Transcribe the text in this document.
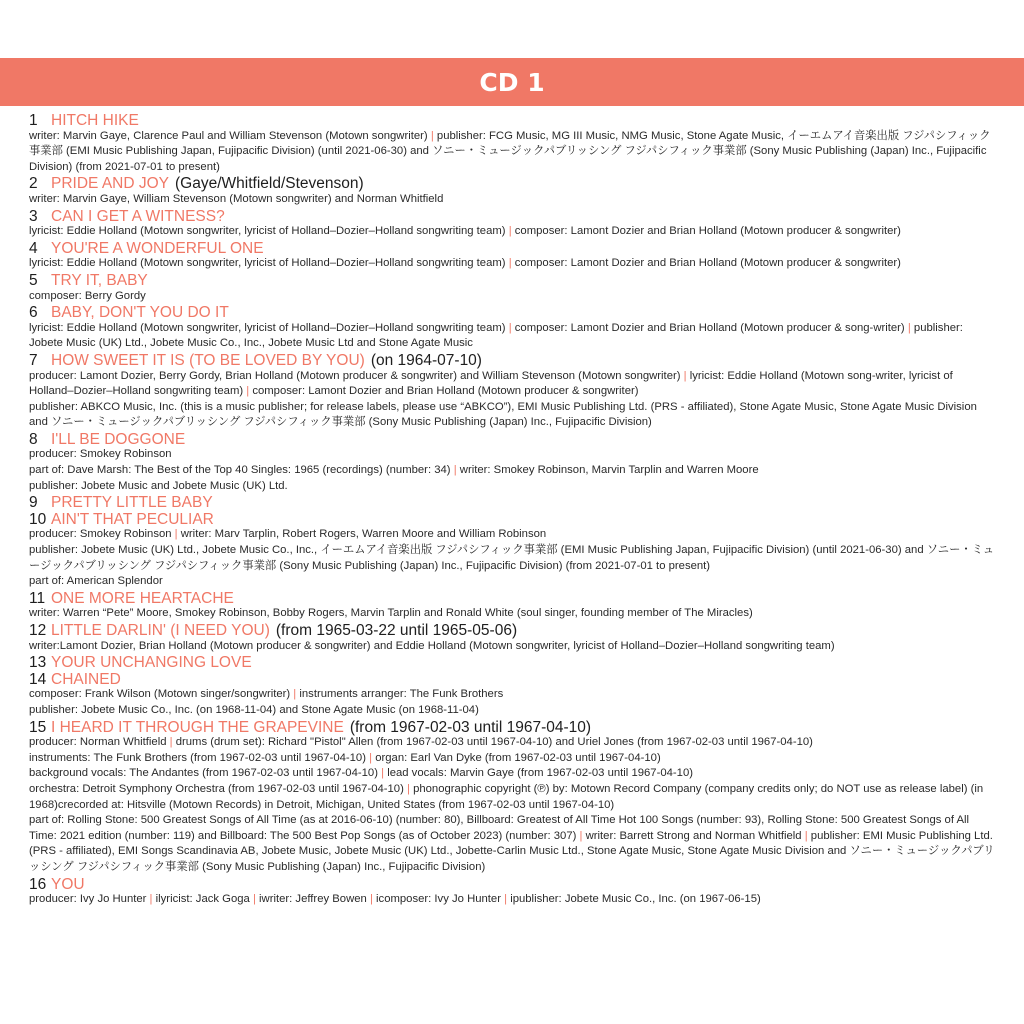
CD 1
1 HITCH HIKE
writer: Marvin Gaye, Clarence Paul and William Stevenson (Motown songwriter) | publisher: FCG Music, MG III Music, NMG Music, Stone Agate Music, イーエムアイ音楽出版 フジパシフィック事業部 (EMI Music Publishing Japan, Fujipacific Division) (until 2021-06-30) and ソニー・ミュージックパブリッシング フジパシフィック事業部 (Sony Music Publishing (Japan) Inc., Fujipacific Division) (from 2021-07-01 to present)
2 PRIDE AND JOY (Gaye/Whitfield/Stevenson)
writer: Marvin Gaye, William Stevenson (Motown songwriter) and Norman Whitfield
3 CAN I GET A WITNESS?
lyricist: Eddie Holland (Motown songwriter, lyricist of Holland–Dozier–Holland songwriting team) | composer: Lamont Dozier and Brian Holland (Motown producer & songwriter)
4 YOU'RE A WONDERFUL ONE
lyricist: Eddie Holland (Motown songwriter, lyricist of Holland–Dozier–Holland songwriting team) | composer: Lamont Dozier and Brian Holland (Motown producer & songwriter)
5 TRY IT, BABY
composer: Berry Gordy
6 BABY, DON'T YOU DO IT
lyricist: Eddie Holland (Motown songwriter, lyricist of Holland–Dozier–Holland songwriting team) | composer: Lamont Dozier and Brian Holland (Motown producer & song-writer) | publisher: Jobete Music (UK) Ltd., Jobete Music Co., Inc., Jobete Music Ltd and Stone Agate Music
7 HOW SWEET IT IS (TO BE LOVED BY YOU) (on 1964-07-10)
producer: Lamont Dozier, Berry Gordy, Brian Holland (Motown producer & songwriter) and William Stevenson (Motown songwriter) | lyricist: Eddie Holland (Motown song-writer, lyricist of Holland–Dozier–Holland songwriting team) | composer: Lamont Dozier and Brian Holland (Motown producer & songwriter)
publisher: ABKCO Music, Inc. (this is a music publisher; for release labels, please use “ABKCO”), EMI Music Publishing Ltd. (PRS - affiliated), Stone Agate Music, Stone Agate Music Division and ソニー・ミュージックパブリッシング フジパシフィック事業部 (Sony Music Publishing (Japan) Inc., Fujipacific Division)
8 I'LL BE DOGGONE
producer: Smokey Robinson
part of: Dave Marsh: The Best of the Top 40 Singles: 1965 (recordings) (number: 34) | writer: Smokey Robinson, Marvin Tarplin and Warren Moore
publisher: Jobete Music and Jobete Music (UK) Ltd.
9 PRETTY LITTLE BABY
10 AIN'T THAT PECULIAR
producer: Smokey Robinson | writer: Marv Tarplin, Robert Rogers, Warren Moore and William Robinson
publisher: Jobete Music (UK) Ltd., Jobete Music Co., Inc., イーエムアイ音楽出版 フジパシフィック事業部 (EMI Music Publishing Japan, Fujipacific Division) (until 2021-06-30) and ソニー・ミュージックパブリッシング フジパシフィック事業部 (Sony Music Publishing (Japan) Inc., Fujipacific Division) (from 2021-07-01 to present)
part of: American Splendor
11 ONE MORE HEARTACHE
writer: Warren “Pete” Moore, Smokey Robinson, Bobby Rogers, Marvin Tarplin and Ronald White (soul singer, founding member of The Miracles)
12 LITTLE DARLIN' (I NEED YOU) (from 1965-03-22 until 1965-05-06)
writer:Lamont Dozier, Brian Holland (Motown producer & songwriter) and Eddie Holland (Motown songwriter, lyricist of Holland–Dozier–Holland songwriting team)
13 YOUR UNCHANGING LOVE
14 CHAINED
composer: Frank Wilson (Motown singer/songwriter) | instruments arranger: The Funk Brothers
publisher: Jobete Music Co., Inc. (on 1968-11-04) and Stone Agate Music (on 1968-11-04)
15 I HEARD IT THROUGH THE GRAPEVINE (from 1967-02-03 until 1967-04-10)
producer: Norman Whitfield | drums (drum set): Richard "Pistol" Allen (from 1967-02-03 until 1967-04-10) and Uriel Jones (from 1967-02-03 until 1967-04-10)
instruments: The Funk Brothers (from 1967-02-03 until 1967-04-10) | organ: Earl Van Dyke (from 1967-02-03 until 1967-04-10)
background vocals: The Andantes (from 1967-02-03 until 1967-04-10) | lead vocals: Marvin Gaye (from 1967-02-03 until 1967-04-10)
orchestra: Detroit Symphony Orchestra (from 1967-02-03 until 1967-04-10) | phonographic copyright (℗) by: Motown Record Company (company credits only; do NOT use as release label) (in 1968)crecorded at: Hitsville (Motown Records) in Detroit, Michigan, United States (from 1967-02-03 until 1967-04-10)
part of: Rolling Stone: 500 Greatest Songs of All Time (as at 2016-06-10) (number: 80), Billboard: Greatest of All Time Hot 100 Songs (number: 93), Rolling Stone: 500 Greatest Songs of All Time: 2021 edition (number: 119) and Billboard: The 500 Best Pop Songs (as of October 2023) (number: 307) | writer: Barrett Strong and Norman Whitfield | publisher: EMI Music Publishing Ltd. (PRS - affiliated), EMI Songs Scandinavia AB, Jobete Music, Jobete Music (UK) Ltd., Jobette-Carlin Music Ltd., Stone Agate Music, Stone Agate Music Division and ソニー・ミュージックパブリッシング フジパシフィック事業部 (Sony Music Publishing (Japan) Inc., Fujipacific Division)
16 YOU
producer: Ivy Jo Hunter | ilyricist: Jack Goga | iwriter: Jeffrey Bowen | icomposer: Ivy Jo Hunter | ipublisher: Jobete Music Co., Inc. (on 1967-06-15)
